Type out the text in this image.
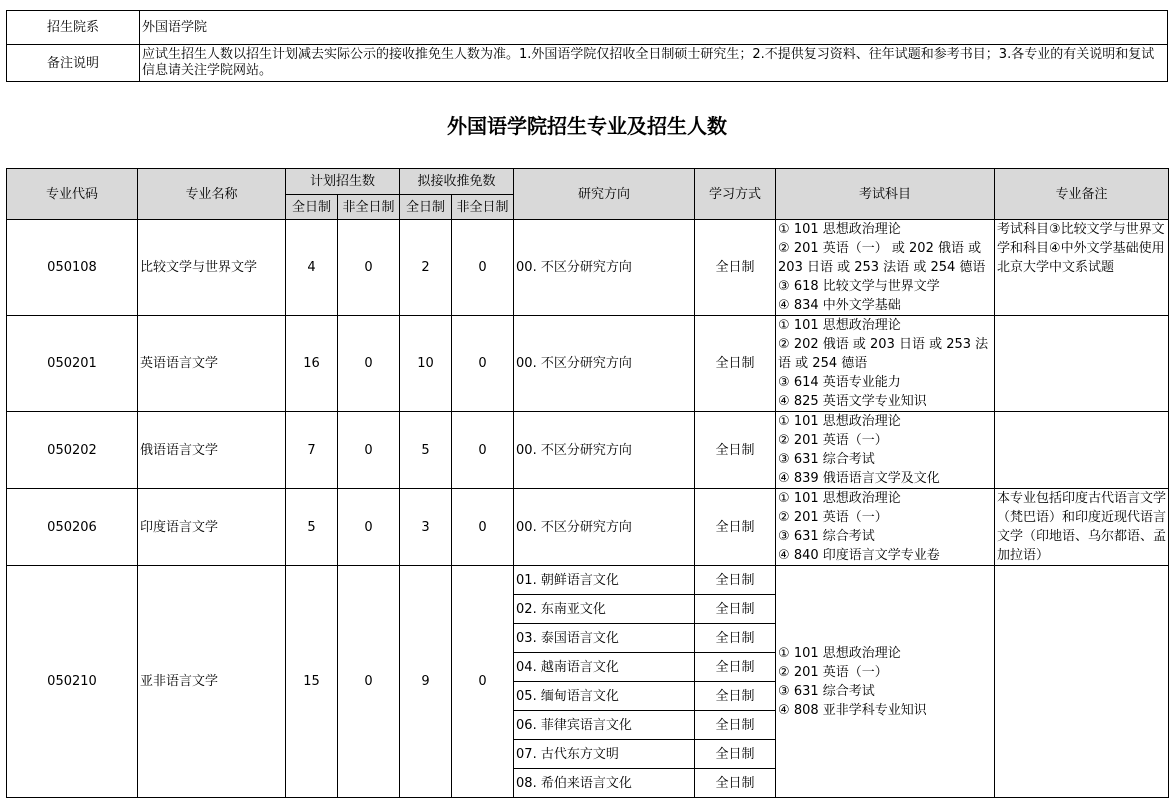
招生院系	外国语学院
备注说明	应试生招生人数以招生计划减去实际公示的接收推免生人数为准。1.外国语学院仅招收全日制硕士研究生；2.不提供复习资料、往年试题和参考书目；3.各专业的有关说明和复试信息请关注学院网站。
外国语学院招生专业及招生人数
专业代码	专业名称	计划招生数		拟接收推免数		研究方向	学习方式	考试科目	专业备注
		全日制	非全日制	全日制	非全日制				
050108	比较文学与世界文学	4	0	2	0	00. 不区分研究方向	全日制	① 101 思想政治理论
② 201 英语（一） 或 202 俄语 或 203 日语 或 253 法语 或 254 德语
③ 618 比较文学与世界文学
④ 834 中外文学基础	考试科目③比较文学与世界文学和科目④中外文学基础使用北京大学中文系试题
050201	英语语言文学	16	0	10	0	00. 不区分研究方向	全日制	① 101 思想政治理论
② 202 俄语 或 203 日语 或 253 法语 或 254 德语
③ 614 英语专业能力
④ 825 英语文学专业知识	

050202	俄语语言文学	7	0	5	0	00. 不区分研究方向	全日制	① 101 思想政治理论
② 201 英语（一）
③ 631 综合考试
④ 839 俄语语言文学及文化	

050206	印度语言文学	5	0	3	0	00. 不区分研究方向	全日制	① 101 思想政治理论
② 201 英语（一）
③ 631 综合考试
④ 840 印度语言文学专业卷	本专业包括印度古代语言文学（梵巴语）和印度近现代语言文学（印地语、乌尔都语、孟加拉语）
050210	亚非语言文学	15	0	9	0	01. 朝鲜语言文化	全日制	① 101 思想政治理论
② 201 英语（一）
③ 631 综合考试
④ 808 亚非学科专业知识	

						02. 东南亚文化	全日制		
						03. 泰国语言文化	全日制		
						04. 越南语言文化	全日制		
						05. 缅甸语言文化	全日制		
						06. 菲律宾语言文化	全日制		
						07. 古代东方文明	全日制		
						08. 希伯来语言文化	全日制		
